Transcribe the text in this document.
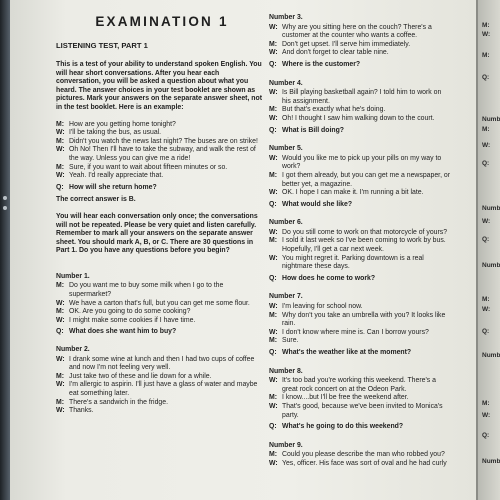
EXAMINATION 1
LISTENING TEST, PART 1
This is a test of your ability to understand spoken English. You will hear short conversations. After you hear each conversation, you will be asked a question about what you heard. The answer choices in your test booklet are shown as pictures. Mark your answers on the separate answer sheet, not in the test booklet. Here is an example:
M: How are you getting home tonight?
W: I'll be taking the bus, as usual.
M: Didn't you watch the news last night? The buses are on strike!
W: Oh No! Then I'll have to take the subway, and walk the rest of the way. Unless you can give me a ride!
M: Sure, if you want to wait about fifteen minutes or so.
W: Yeah. I'd really appreciate that.
Q: How will she return home?
The correct answer is B.
You will hear each conversation only once; the conversations will not be repeated. Please be very quiet and listen carefully. Remember to mark all your answers on the separate answer sheet. You should mark A, B, or C. There are 30 questions in Part 1. Do you have any questions before you begin?
Number 1.
M: Do you want me to buy some milk when I go to the supermarket?
W: We have a carton that's full, but you can get me some flour.
M: OK. Are you going to do some cooking?
W: I might make some cookies if I have time.
Q: What does she want him to buy?
Number 2.
W: I drank some wine at lunch and then I had two cups of coffee and now I'm not feeling very well.
M: Just take two of these and lie down for a while.
W: I'm allergic to aspirin. I'll just have a glass of water and maybe eat something later.
M: There's a sandwich in the fridge.
W: Thanks.
Number 3.
W: Why are you sitting here on the couch? There's a customer at the counter who wants a coffee.
M: Don't get upset. I'll serve him immediately.
W: And don't forget to clear table nine.
Q: Where is the customer?
Number 4.
W: Is Bill playing basketball again? I told him to work on his assignment.
M: But that's exactly what he's doing.
W: Oh! I thought I saw him walking down to the court.
Q: What is Bill doing?
Number 5.
W: Would you like me to pick up your pills on my way to work?
M: I got them already, but you can get me a newspaper, or better yet, a magazine.
W: OK. I hope I can make it. I'm running a bit late.
Q: What would she like?
Number 6.
W: Do you still come to work on that motorcycle of yours?
M: I sold it last week so I've been coming to work by bus. Hopefully, I'll get a car next week.
W: You might regret it. Parking downtown is a real nightmare these days.
Q: How does he come to work?
Number 7.
W: I'm leaving for school now.
M: Why don't you take an umbrella with you? It looks like rain.
W: I don't know where mine is. Can I borrow yours?
M: Sure.
Q: What's the weather like at the moment?
Number 8.
W: It's too bad you're working this weekend. There's a great rock concert on at the Odeon Park.
M: I know....but I'll be free the weekend after.
W: That's good, because we've been invited to Monica's party.
Q: What's he going to do this weekend?
Number 9.
M: Could you please describe the man who robbed you?
W: Yes, officer. His face was sort of oval and he had curly
M:
W:
M:
Q:
Numb
M:
W:
Q:
Numb
W:
Q:
Numb
M:
W:
Q:
Numb
M:
W:
Q:
Numb
